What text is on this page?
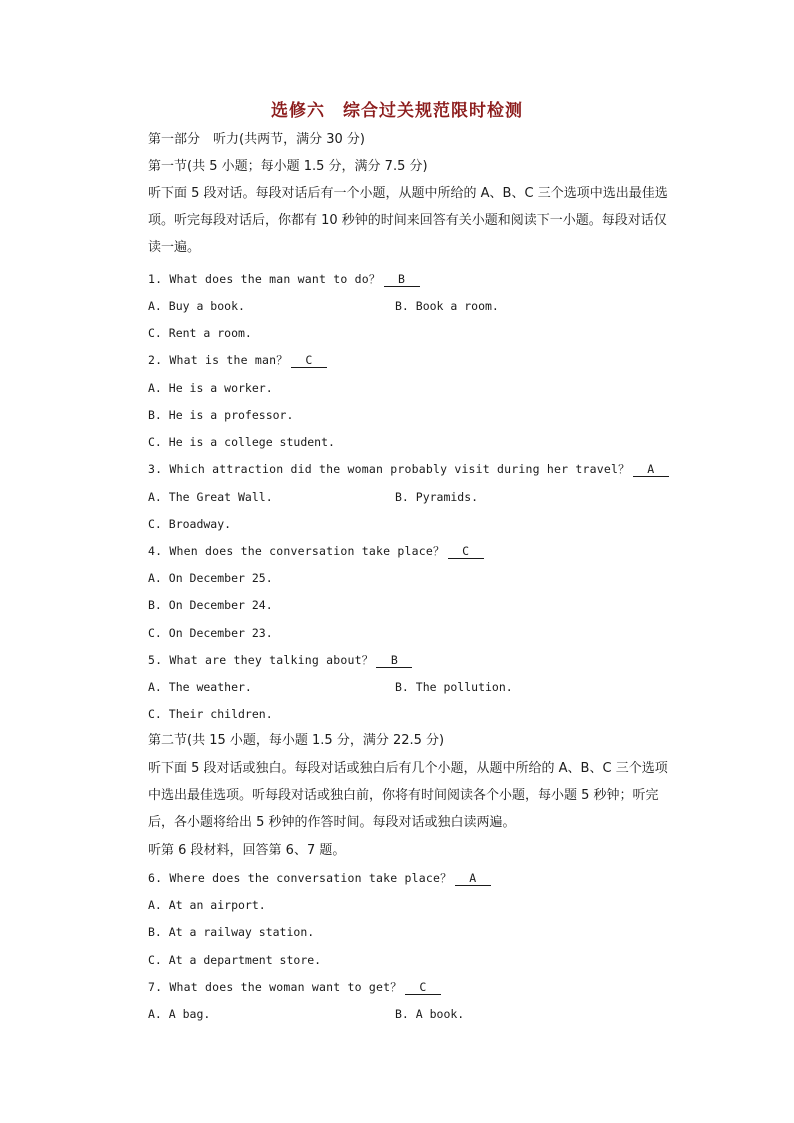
选修六　综合过关规范限时检测
第一部分　听力(共两节，满分 30 分)
第一节(共 5 小题；每小题 1.5 分，满分 7.5 分)
听下面 5 段对话。每段对话后有一个小题，从题中所给的 A、B、C 三个选项中选出最佳选项。听完每段对话后，你都有 10 秒钟的时间来回答有关小题和阅读下一小题。每段对话仅读一遍。
1. What does the man want to do？ B
A. Buy a book.	B. Book a room.
C. Rent a room.
2. What is the man？ C
A. He is a worker.
B. He is a professor.
C. He is a college student.
3. Which attraction did the woman probably visit during her travel？ A
A. The Great Wall.	B. Pyramids.
C. Broadway.
4. When does the conversation take place？ C
A. On December 25.
B. On December 24.
C. On December 23.
5. What are they talking about？ B
A. The weather.	B. The pollution.
C. Their children.
第二节(共 15 小题，每小题 1.5 分，满分 22.5 分)
听下面 5 段对话或独白。每段对话或独白后有几个小题，从题中所给的 A、B、C 三个选项中选出最佳选项。听每段对话或独白前，你将有时间阅读各个小题，每小题 5 秒钟；听完后，各小题将给出 5 秒钟的作答时间。每段对话或独白读两遍。
听第 6 段材料，回答第 6、7 题。
6. Where does the conversation take place？ A
A. At an airport.
B. At a railway station.
C. At a department store.
7. What does the woman want to get？ C
A. A bag.	B. A book.
